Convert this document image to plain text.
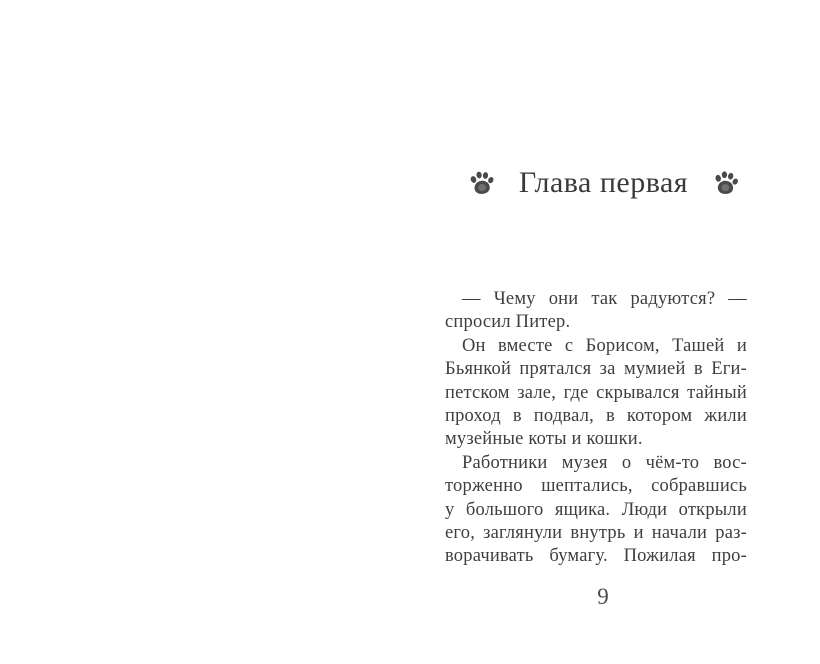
Глава первая
— Чему они так радуются? —
спросил Питер.
Он вместе с Борисом, Ташей и
Бьянкой прятался за мумией в Еги-
петском зале, где скрывался тайный
проход в подвал, в котором жили
музейные коты и кошки.
Работники музея о чём-то вос-
торженно шептались, собравшись
у большого ящика. Люди открыли
его, заглянули внутрь и начали раз-
ворачивать бумагу. Пожилая про-
9
